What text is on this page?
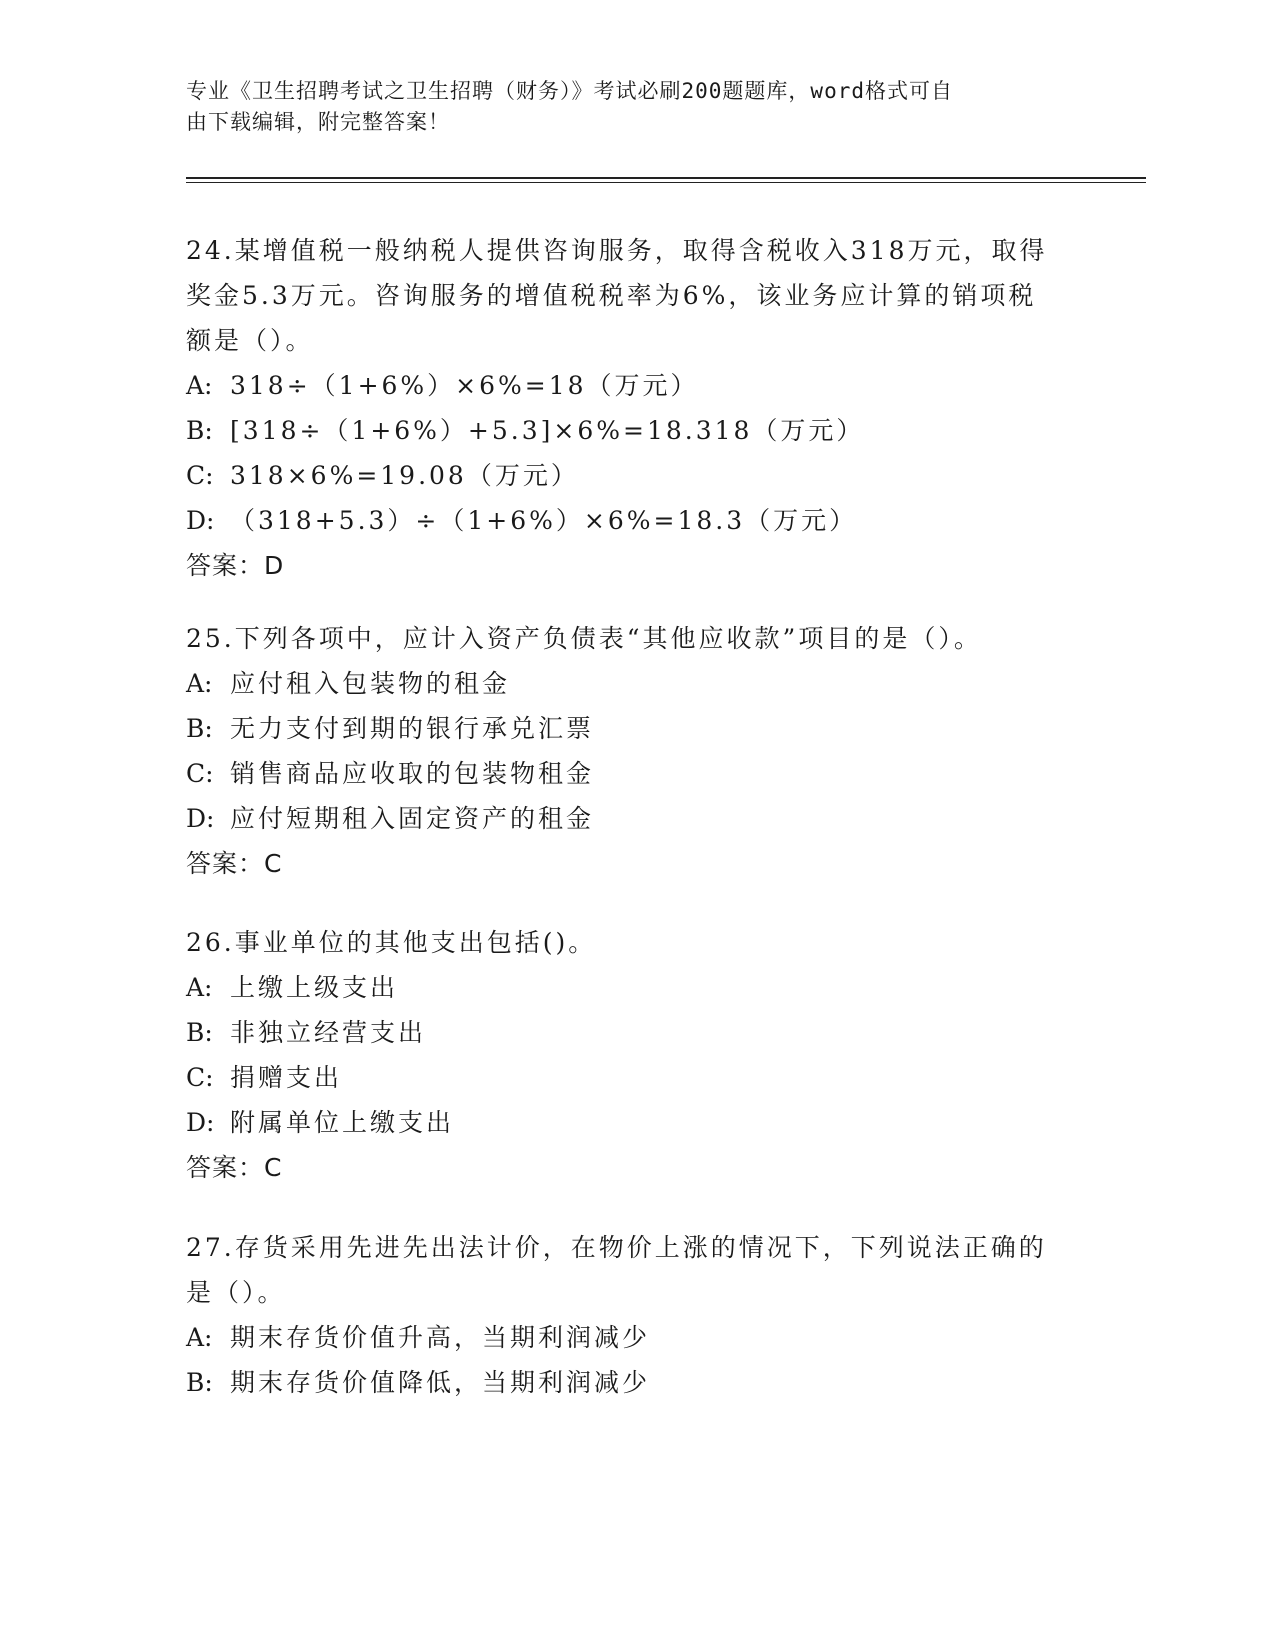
专业《卫生招聘考试之卫生招聘（财务）》考试必刷200题题库，word格式可自
由下载编辑，附完整答案！
24.某增值税一般纳税人提供咨询服务，取得含税收入318万元，取得
奖金5.3万元。咨询服务的增值税税率为6%，该业务应计算的销项税
额是（）。
A: 318÷（1+6%）×6%=18（万元）
B: [318÷（1+6%）+5.3]×6%=18.318（万元）
C: 318×6%=19.08（万元）
D: （318+5.3）÷（1+6%）×6%=18.3（万元）
答案：D
25.下列各项中，应计入资产负债表“其他应收款”项目的是（）。
A: 应付租入包装物的租金
B: 无力支付到期的银行承兑汇票
C: 销售商品应收取的包装物租金
D: 应付短期租入固定资产的租金
答案：C
26.事业单位的其他支出包括()。
A: 上缴上级支出
B: 非独立经营支出
C: 捐赠支出
D: 附属单位上缴支出
答案：C
27.存货采用先进先出法计价，在物价上涨的情况下，下列说法正确的
是（）。
A: 期末存货价值升高，当期利润减少
B: 期末存货价值降低，当期利润减少
